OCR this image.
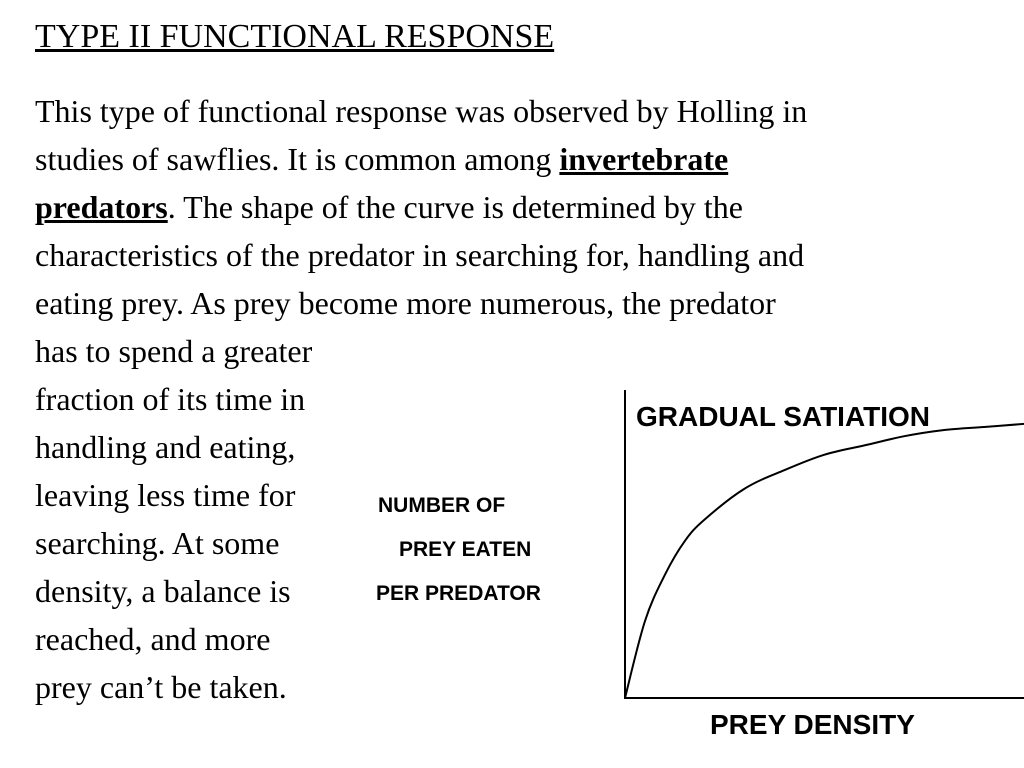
TYPE II FUNCTIONAL RESPONSE
This type of functional response was observed by Holling in
studies of sawflies. It is common among invertebrate
predators. The shape of the curve is determined by the
characteristics of the predator in searching for, handling and
eating prey. As prey become more numerous, the predator
has to spend a greater
fraction of its time in
handling and eating,
leaving less time for
searching. At some
density, a balance is
reached, and more
prey can’t be taken.
GRADUAL SATIATION
NUMBER OF
PREY EATEN
PER PREDATOR
PREY DENSITY
